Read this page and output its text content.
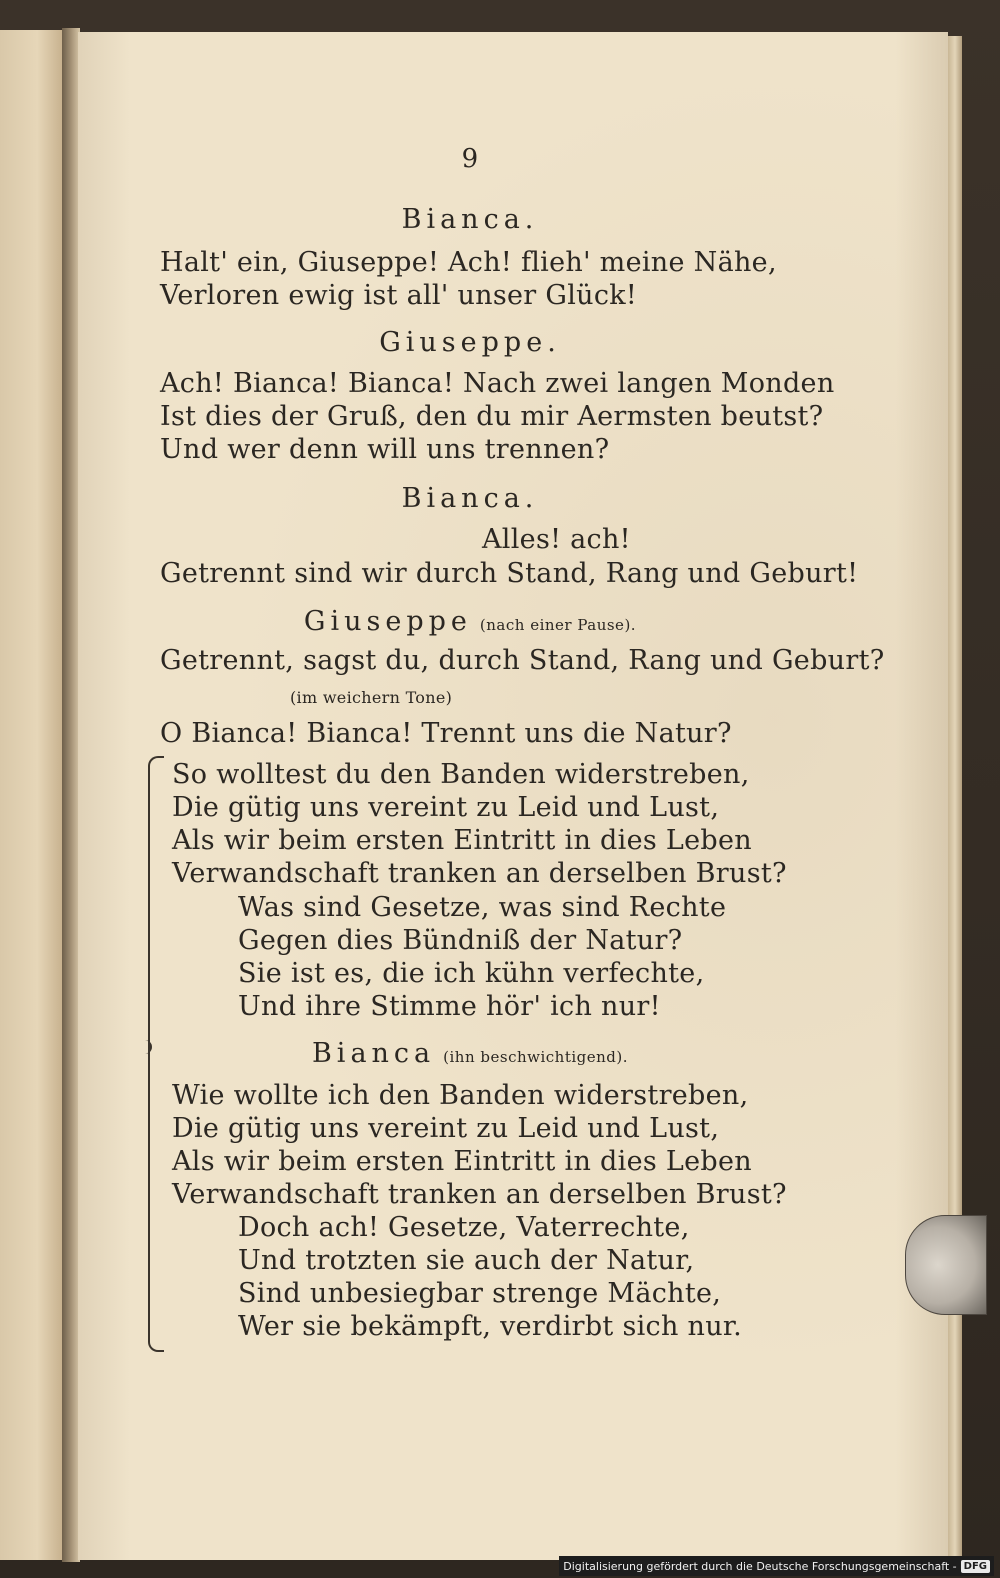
9
Bianca.
Halt' ein, Giuseppe! Ach! flieh' meine Nähe,
Verloren ewig ist all' unser Glück!
Giuseppe.
Ach! Bianca! Bianca! Nach zwei langen Monden
Ist dies der Gruß, den du mir Aermsten beutst?
Und wer denn will uns trennen?
Bianca.
Alles! ach!
Getrennt sind wir durch Stand, Rang und Geburt!
Giuseppe (nach einer Pause).
Getrennt, sagst du, durch Stand, Rang und Geburt?
(im weichern Tone)
O Bianca! Bianca! Trennt uns die Natur?
So wolltest du den Banden widerstreben,
Die gütig uns vereint zu Leid und Lust,
Als wir beim ersten Eintritt in dies Leben
Verwandschaft tranken an derselben Brust?
Was sind Gesetze, was sind Rechte
Gegen dies Bündniß der Natur?
Sie ist es, die ich kühn verfechte,
Und ihre Stimme hör' ich nur!
Bianca (ihn beschwichtigend).
Wie wollte ich den Banden widerstreben,
Die gütig uns vereint zu Leid und Lust,
Als wir beim ersten Eintritt in dies Leben
Verwandschaft tranken an derselben Brust?
Doch ach! Gesetze, Vaterrechte,
Und trotzten sie auch der Natur,
Sind unbesiegbar strenge Mächte,
Wer sie bekämpft, verdirbt sich nur.
Digitalisierung gefördert durch die Deutsche Forschungsgemeinschaft - DFG
